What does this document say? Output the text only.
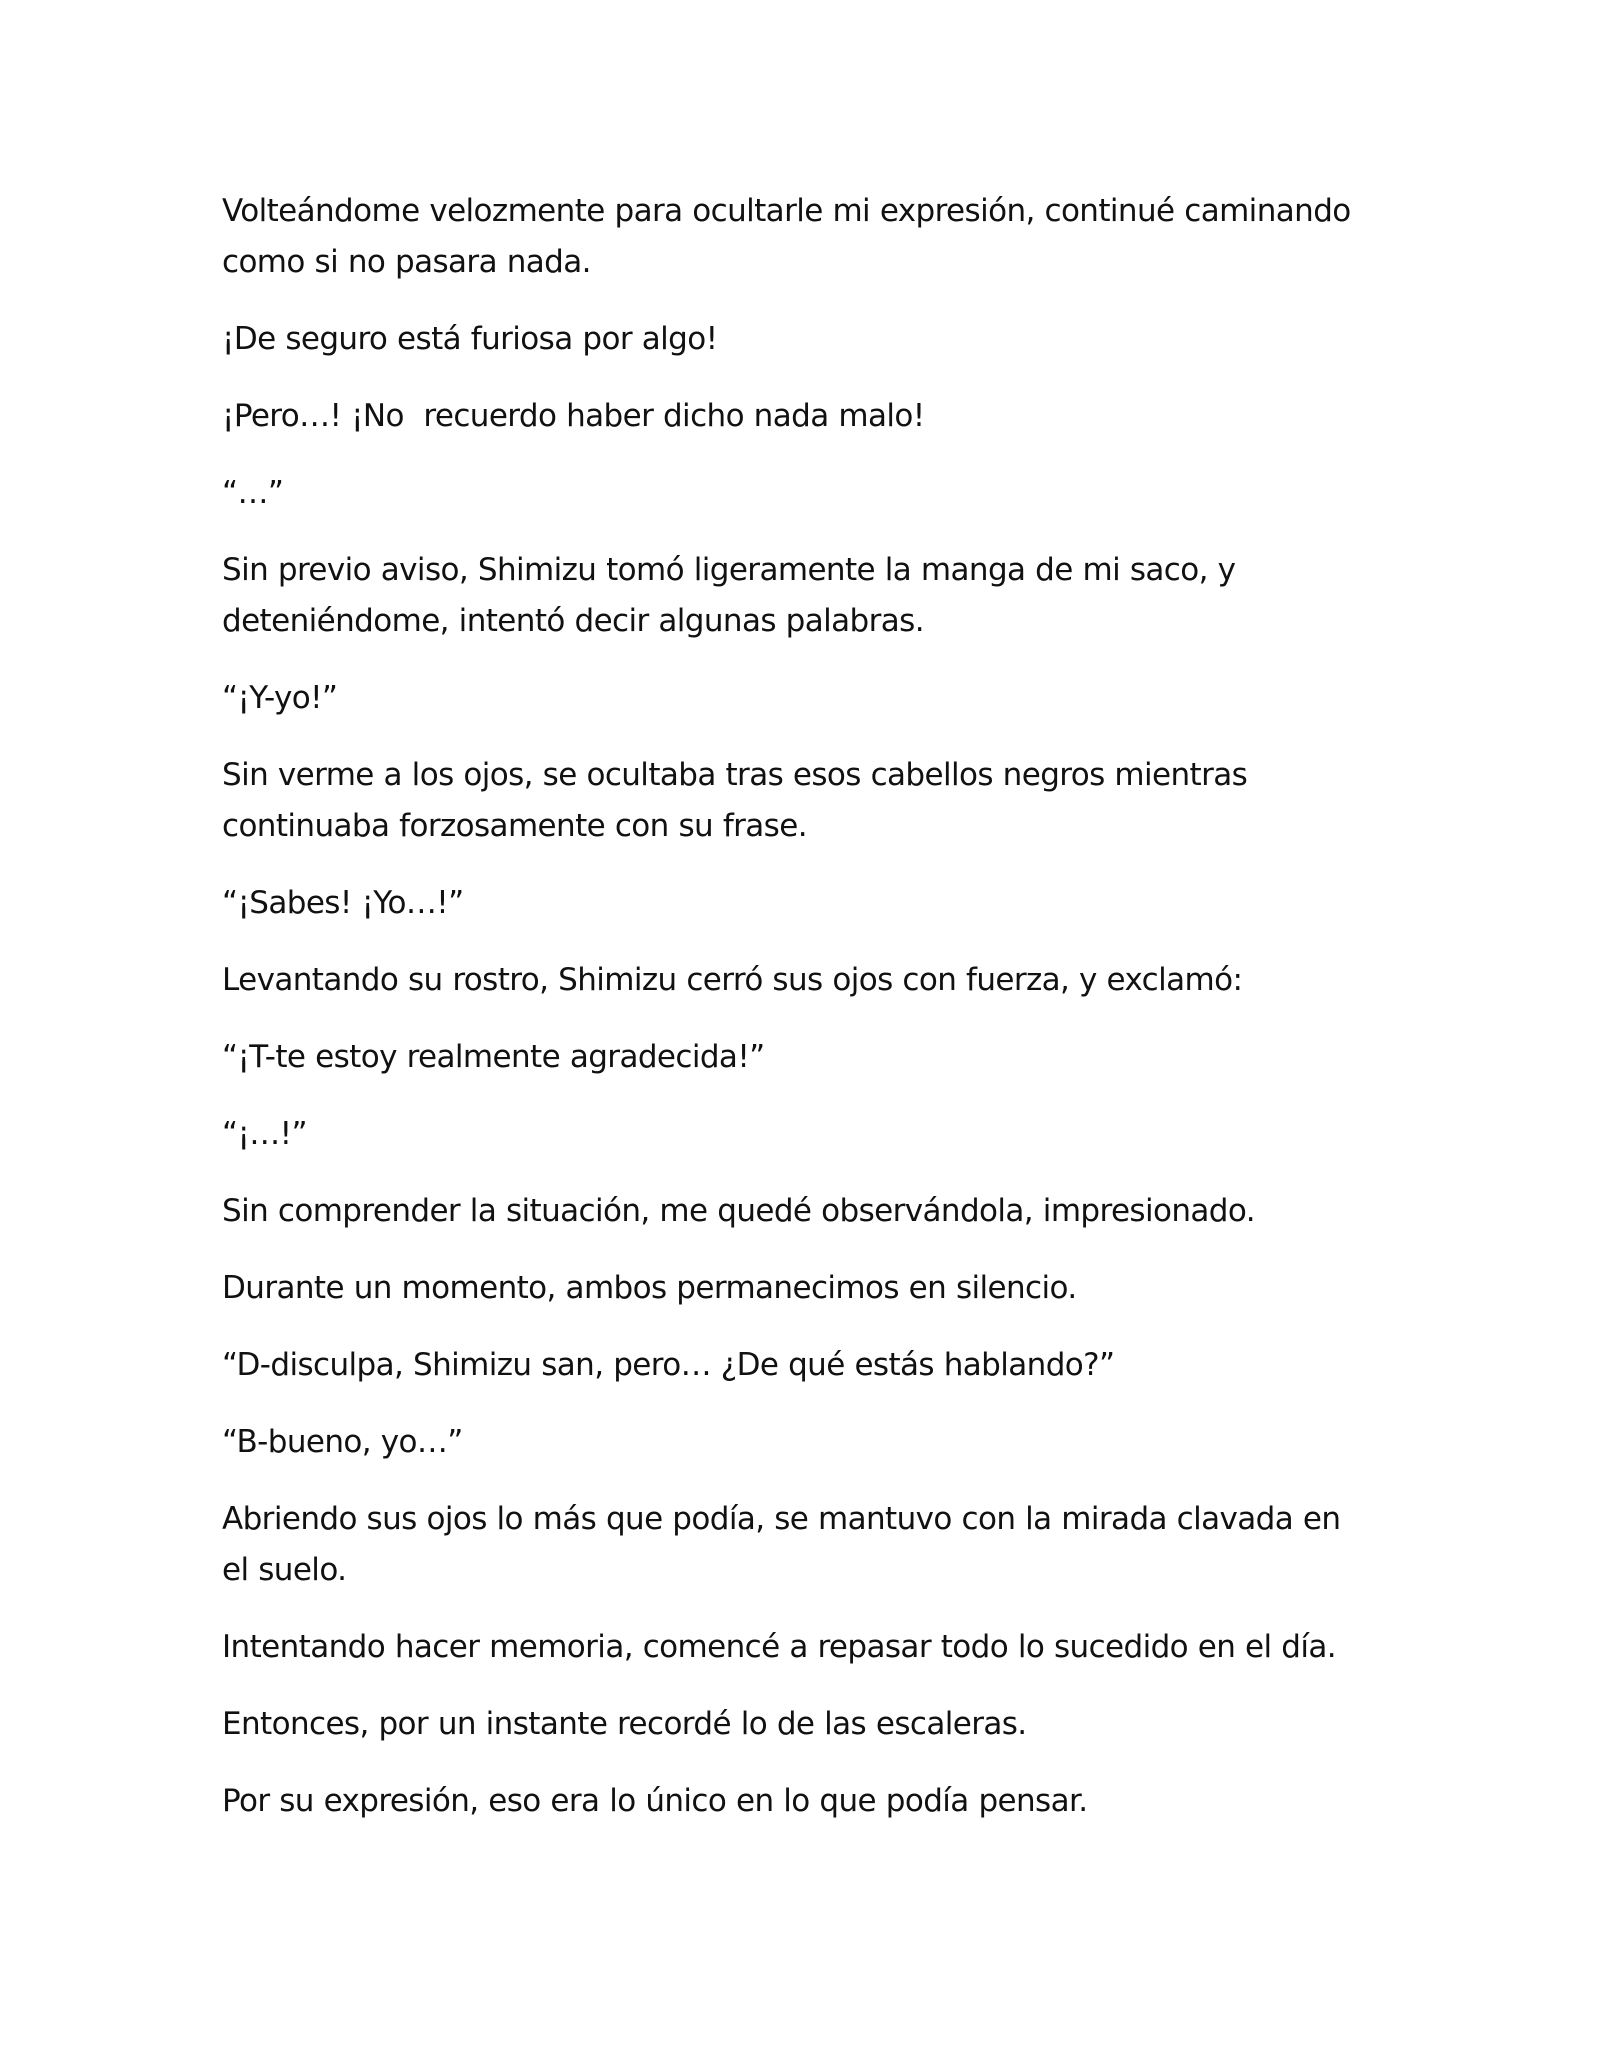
Volteándome velozmente para ocultarle mi expresión, continué caminando como si no pasara nada.

¡De seguro está furiosa por algo!

¡Pero…! ¡No  recuerdo haber dicho nada malo!

“…”

Sin previo aviso, Shimizu tomó ligeramente la manga de mi saco, y deteniéndome, intentó decir algunas palabras.

“¡Y-yo!”

Sin verme a los ojos, se ocultaba tras esos cabellos negros mientras continuaba forzosamente con su frase.

“¡Sabes! ¡Yo…!”

Levantando su rostro, Shimizu cerró sus ojos con fuerza, y exclamó:

“¡T-te estoy realmente agradecida!”

“¡…!”

Sin comprender la situación, me quedé observándola, impresionado.

Durante un momento, ambos permanecimos en silencio.

“D-disculpa, Shimizu san, pero… ¿De qué estás hablando?”

“B-bueno, yo…”

Abriendo sus ojos lo más que podía, se mantuvo con la mirada clavada en el suelo.

Intentando hacer memoria, comencé a repasar todo lo sucedido en el día.

Entonces, por un instante recordé lo de las escaleras.

Por su expresión, eso era lo único en lo que podía pensar.
